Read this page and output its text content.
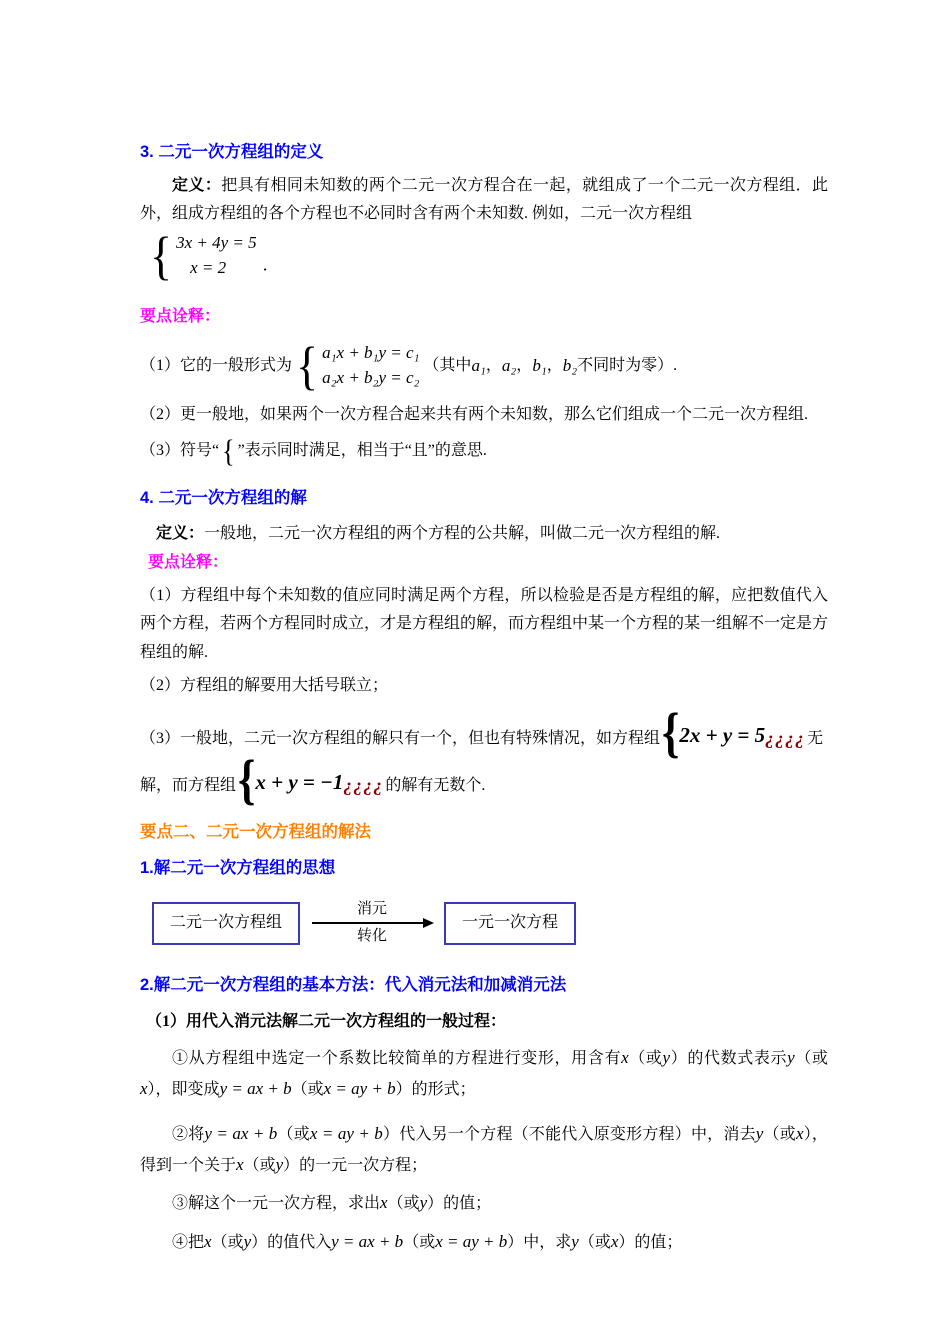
3. 二元一次方程组的定义

定义：把具有相同未知数的两个二元一次方程合在一起，就组成了一个二元一次方程组．此外，组成方程组的各个方程也不必同时含有两个未知数. 例如，二元一次方程组

{ 3x + 4y = 5
x = 2	．

要点诠释：

（1）它的一般形式为 { a₁x + b₁y = c₁
a₂x + b₂y = c₂
（其中 a₁ ， a₂ ， b₁ ， b₂ 不同时为零）.

（2）更一般地，如果两个一次方程合起来共有两个未知数，那么它们组成一个二元一次方程组.

（3）符号“ { ”表示同时满足，相当于“且”的意思.

4. 二元一次方程组的解

定义：一般地，二元一次方程组的两个方程的公共解，叫做二元一次方程组的解.

要点诠释：

（1）方程组中每个未知数的值应同时满足两个方程，所以检验是否是方程组的解，应把数值代入两个方程，若两个方程同时成立，才是方程组的解，而方程组中某一个方程的某一组解不一定是方程组的解.

（2）方程组的解要用大括号联立；

（3）一般地，二元一次方程组的解只有一个，但也有特殊情况，如方程组 { 2x + y = 5 ¿¿¿¿ 无
解，而方程组 { x + y = −1 ¿¿¿¿ 的解有无数个.
要点二、二元一次方程组的解法
1.解二元一次方程组的思想
二元一次方程组
消元
转化
一元一次方程
2.解二元一次方程组的基本方法：代入消元法和加减消元法

（1）用代入消元法解二元一次方程组的一般过程：

①从方程组中选定一个系数比较简单的方程进行变形，用含有x（或y）的代数式表示y（或x），即变成y = ax + b（或x = ay + b）的形式；

②将y = ax + b（或x = ay + b）代入另一个方程（不能代入原变形方程）中，消去y（或x），得到一个关于x（或y）的一元一次方程；

③解这个一元一次方程，求出x（或y）的值；

④把x（或y）的值代入y = ax + b（或x = ay + b）中，求y（或x）的值；
